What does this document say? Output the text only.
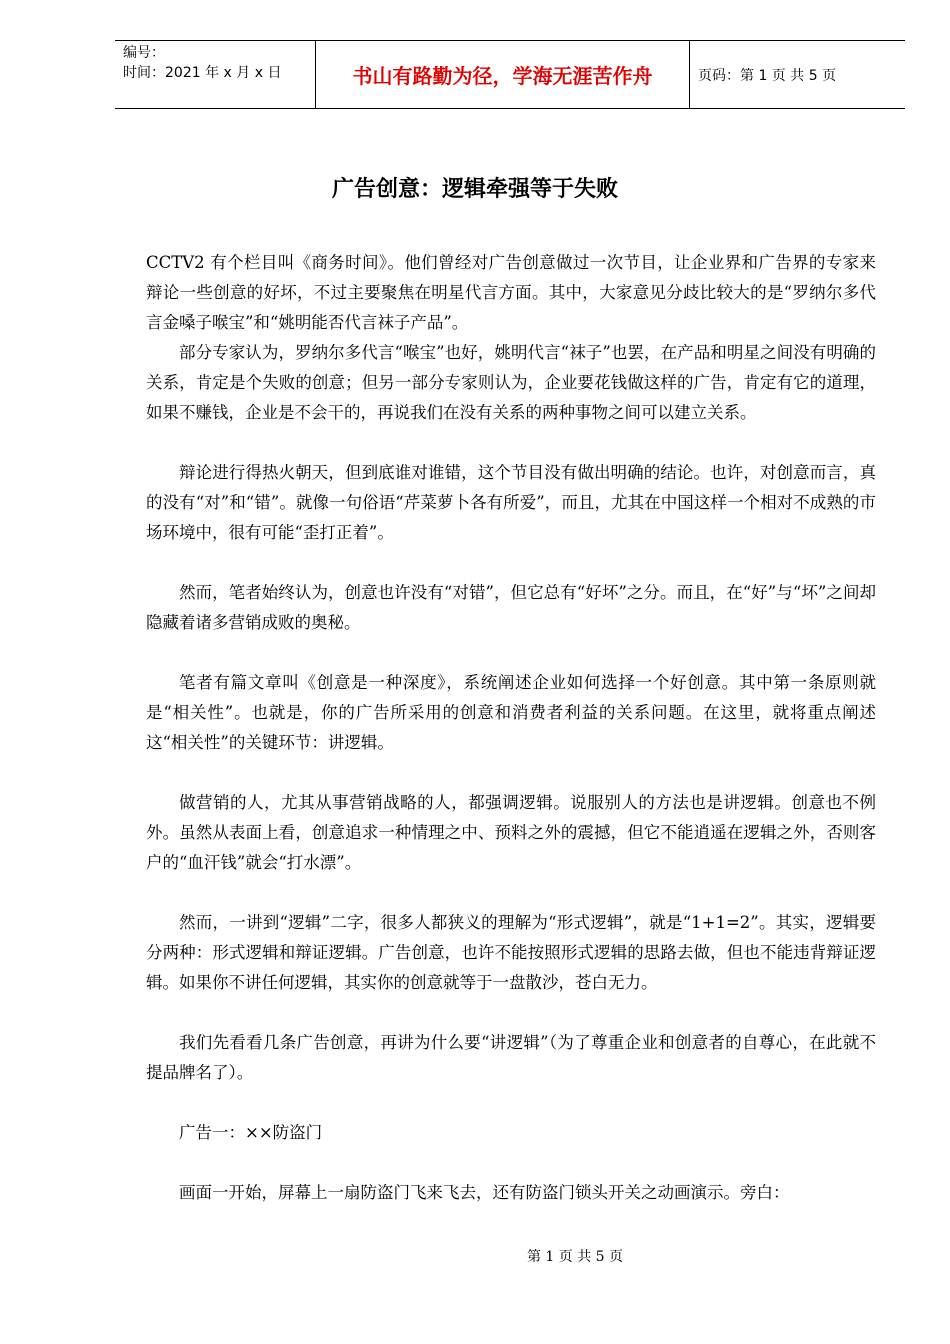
编号：
时间：2021 年 x 月 x 日	书山有路勤为径，学海无涯苦作舟	页码：第 1 页 共 5 页
广告创意：逻辑牵强等于失败

CCTV2 有个栏目叫《商务时间》。他们曾经对广告创意做过一次节目，让企业界和广告界的专家来辩论一些创意的好坏，不过主要聚焦在明星代言方面。其中，大家意见分歧比较大的是“罗纳尔多代言金嗓子喉宝”和“姚明能否代言袜子产品”。

部分专家认为，罗纳尔多代言“喉宝”也好，姚明代言“袜子”也罢，在产品和明星之间没有明确的关系，肯定是个失败的创意；但另一部分专家则认为，企业要花钱做这样的广告，肯定有它的道理，如果不赚钱，企业是不会干的，再说我们在没有关系的两种事物之间可以建立关系。

辩论进行得热火朝天，但到底谁对谁错，这个节目没有做出明确的结论。也许，对创意而言，真的没有“对”和“错”。就像一句俗语“芹菜萝卜各有所爱”，而且，尤其在中国这样一个相对不成熟的市场环境中，很有可能“歪打正着”。

然而，笔者始终认为，创意也许没有“对错”，但它总有“好坏”之分。而且，在“好”与“坏”之间却隐藏着诸多营销成败的奥秘。

笔者有篇文章叫《创意是一种深度》，系统阐述企业如何选择一个好创意。其中第一条原则就是“相关性”。也就是，你的广告所采用的创意和消费者利益的关系问题。在这里，就将重点阐述这“相关性”的关键环节：讲逻辑。

做营销的人，尤其从事营销战略的人，都强调逻辑。说服别人的方法也是讲逻辑。创意也不例外。虽然从表面上看，创意追求一种情理之中、预料之外的震撼，但它不能逍遥在逻辑之外，否则客户的“血汗钱”就会“打水漂”。

然而，一讲到“逻辑”二字，很多人都狭义的理解为“形式逻辑”，就是“1+1=2”。其实，逻辑要分两种：形式逻辑和辩证逻辑。广告创意，也许不能按照形式逻辑的思路去做，但也不能违背辩证逻辑。如果你不讲任何逻辑，其实你的创意就等于一盘散沙，苍白无力。

我们先看看几条广告创意，再讲为什么要“讲逻辑”（为了尊重企业和创意者的自尊心，在此就不提品牌名了）。

广告一：××防盗门

画面一开始，屏幕上一扇防盗门飞来飞去，还有防盗门锁头开关之动画演示。旁白：

第 1 页 共 5 页
